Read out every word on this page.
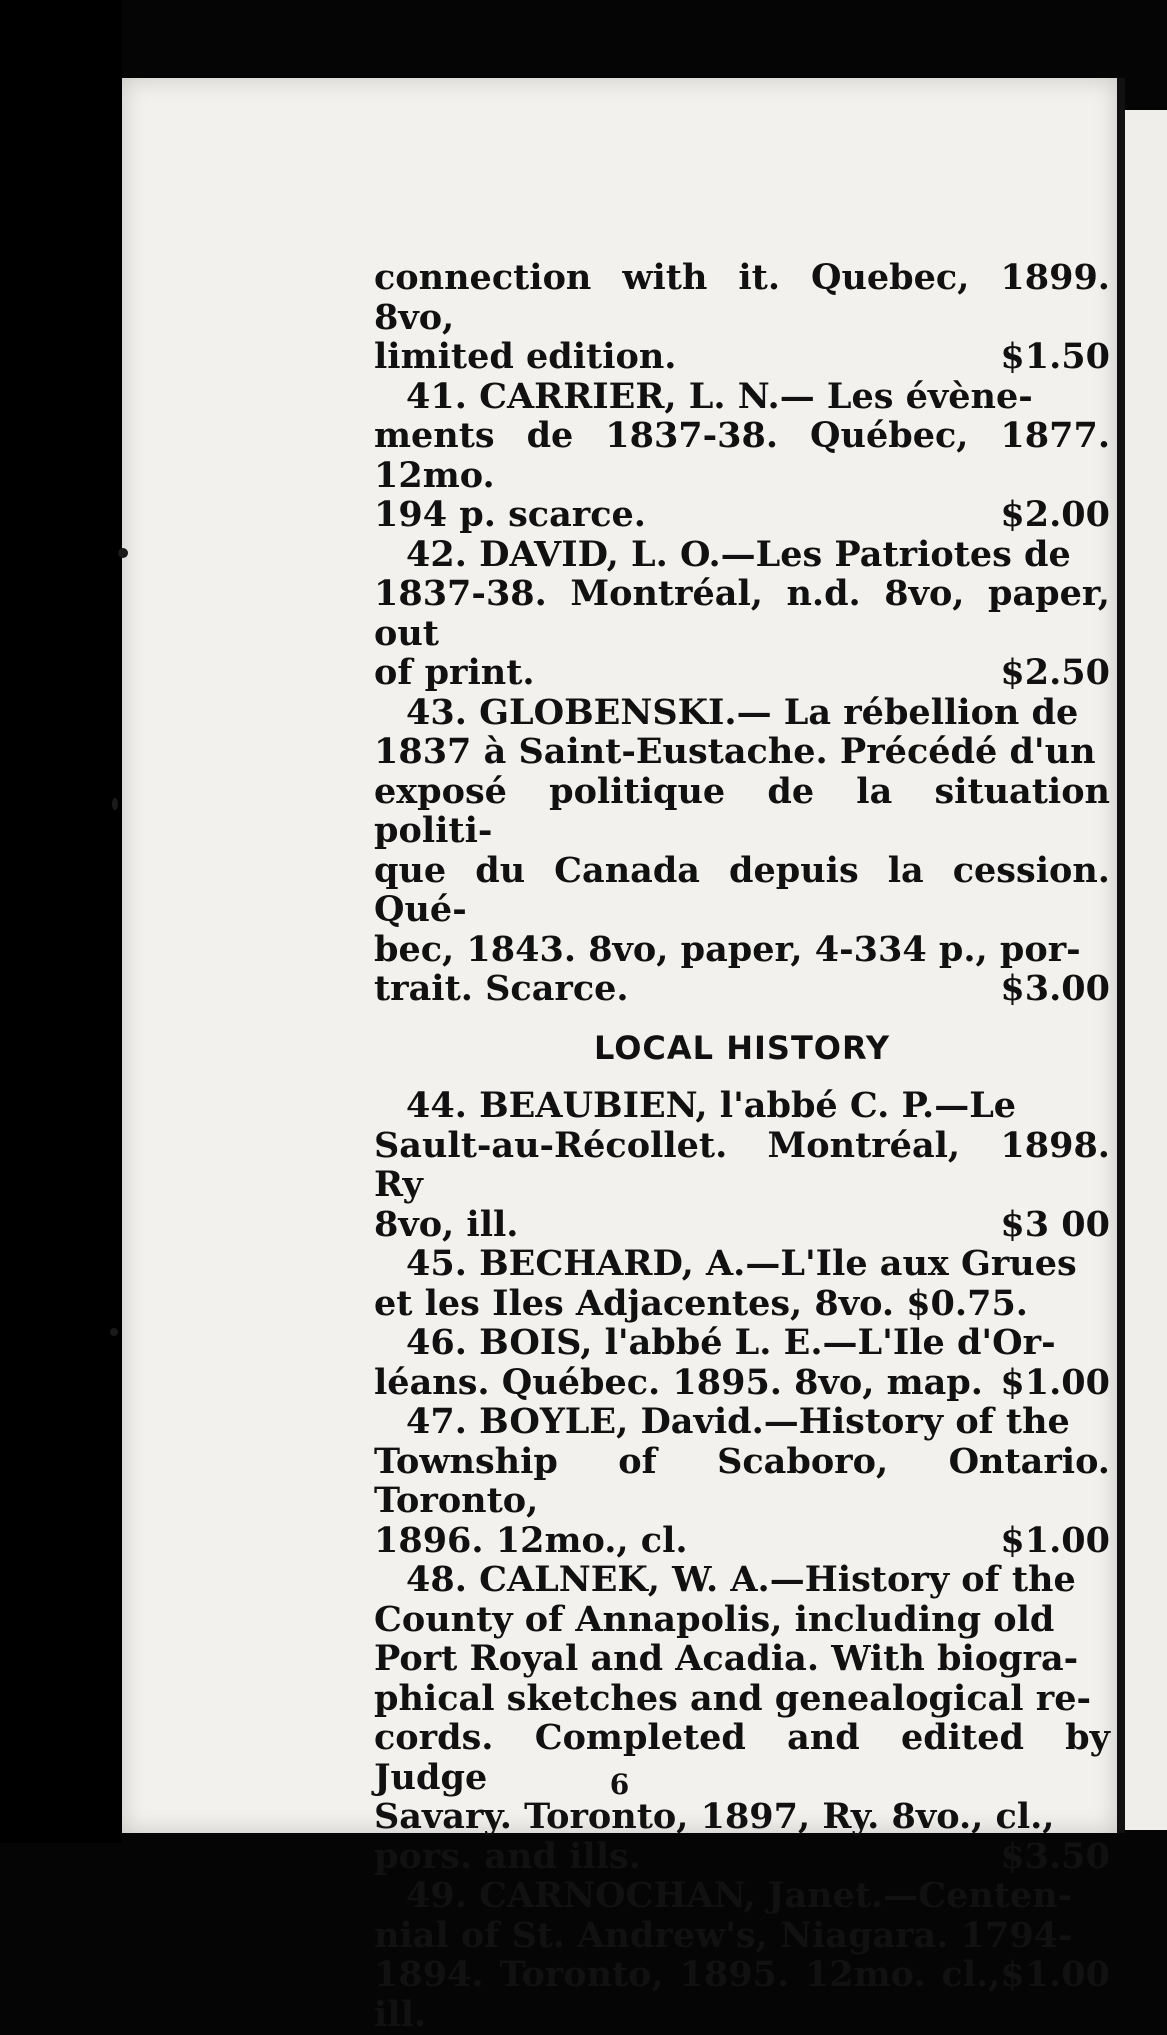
connection with it. Quebec, 1899. 8vo,
limited edition.	$1.50

41. CARRIER, L. N.— Les évène-
ments de 1837-38. Québec, 1877. 12mo.
194 p. scarce.	$2.00

42. DAVID, L. O.—Les Patriotes de
1837-38. Montréal, n.d. 8vo, paper, out
of print.	$2.50

43. GLOBENSKI.— La rébellion de
1837 à Saint-Eustache. Précédé d'un
exposé politique de la situation politi-
que du Canada depuis la cession. Qué-
bec, 1843. 8vo, paper, 4-334 p., por-
trait. Scarce.	$3.00

LOCAL HISTORY

44. BEAUBIEN, l'abbé C. P.—Le
Sault-au-Récollet. Montréal, 1898. Ry
8vo, ill.	$3 00

45. BECHARD, A.—L'Ile aux Grues
et les Iles Adjacentes, 8vo. $0.75.

46. BOIS, l'abbé L. E.—L'Ile d'Or-
léans. Québec. 1895. 8vo, map. $1.00

47. BOYLE, David.—History of the
Township of Scaboro, Ontario. Toronto,
1896. 12mo., cl.	$1.00

48. CALNEK, W. A.—History of the
County of Annapolis, including old
Port Royal and Acadia. With biogra-
phical sketches and genealogical re-
cords. Completed and edited by Judge
Savary. Toronto, 1897, Ry. 8vo., cl.,
pors. and ills.	$3.50

49. CARNOCHAN, Janet.—Centen-
nial of St. Andrew's, Niagara. 1794-
1894. Toronto, 1895. 12mo. cl., ill.
$1.00

6
